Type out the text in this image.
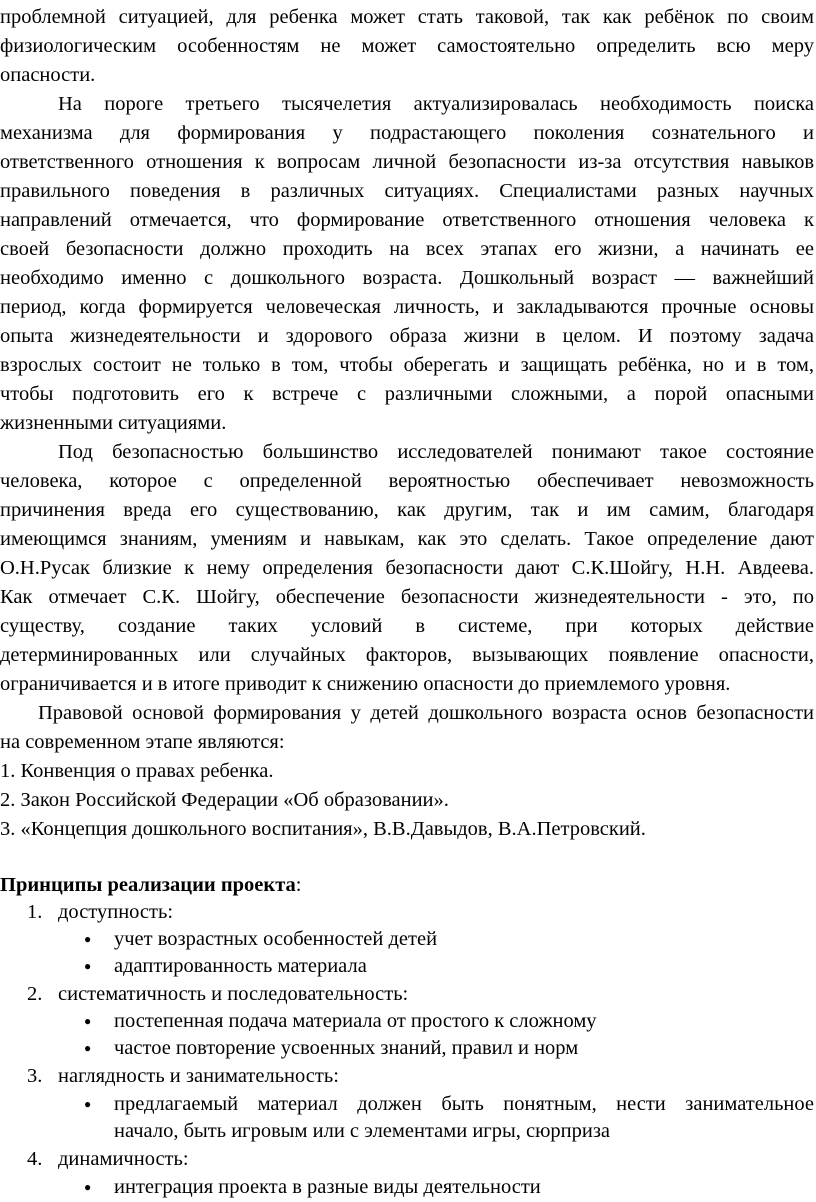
проблемной ситуацией, для ребенка может стать таковой, так как ребёнок по своим
физиологическим особенностям не может самостоятельно определить всю меру
опасности.
На пороге третьего тысячелетия актуализировалась необходимость поиска
механизма для формирования у подрастающего поколения сознательного и
ответственного отношения к вопросам личной безопасности из-за отсутствия навыков
правильного поведения в различных ситуациях. Специалистами разных научных
направлений отмечается, что формирование ответственного отношения человека к
своей безопасности должно проходить на всех этапах его жизни, а начинать ее
необходимо именно с дошкольного возраста. Дошкольный возраст — важнейший
период, когда формируется человеческая личность, и закладываются прочные основы
опыта жизнедеятельности и здорового образа жизни в целом. И поэтому задача
взрослых состоит не только в том, чтобы оберегать и защищать ребёнка, но и в том,
чтобы подготовить его к встрече с различными сложными, а порой опасными
жизненными ситуациями.
Под безопасностью большинство исследователей понимают такое состояние
человека, которое с определенной вероятностью обеспечивает невозможность
причинения вреда его существованию, как другим, так и им самим, благодаря
имеющимся знаниям, умениям и навыкам, как это сделать. Такое определение дают
О.Н.Русак близкие к нему определения безопасности дают С.К.Шойгу, Н.Н. Авдеева.
Как отмечает С.К. Шойгу, обеспечение безопасности жизнедеятельности - это, по
существу, создание таких условий в системе, при которых действие
детерминированных или случайных факторов, вызывающих появление опасности,
ограничивается и в итоге приводит к снижению опасности до приемлемого уровня.
Правовой основой формирования у детей дошкольного возраста основ безопасности
на современном этапе являются:
1. Конвенция о правах ребенка.
2. Закон Российской Федерации «Об образовании».
3. «Концепция дошкольного воспитания», В.В.Давыдов, В.А.Петровский.
Принципы реализации проекта:
1. доступность:
● учет возрастных особенностей детей
● адаптированность материала
2. систематичность и последовательность:
● постепенная подача материала от простого к сложному
● частое повторение усвоенных знаний, правил и норм
3. наглядность и занимательность:
● предлагаемый материал должен быть понятным, нести занимательное
начало, быть игровым или с элементами игры, сюрприза
4. динамичность:
● интеграция проекта в разные виды деятельности
